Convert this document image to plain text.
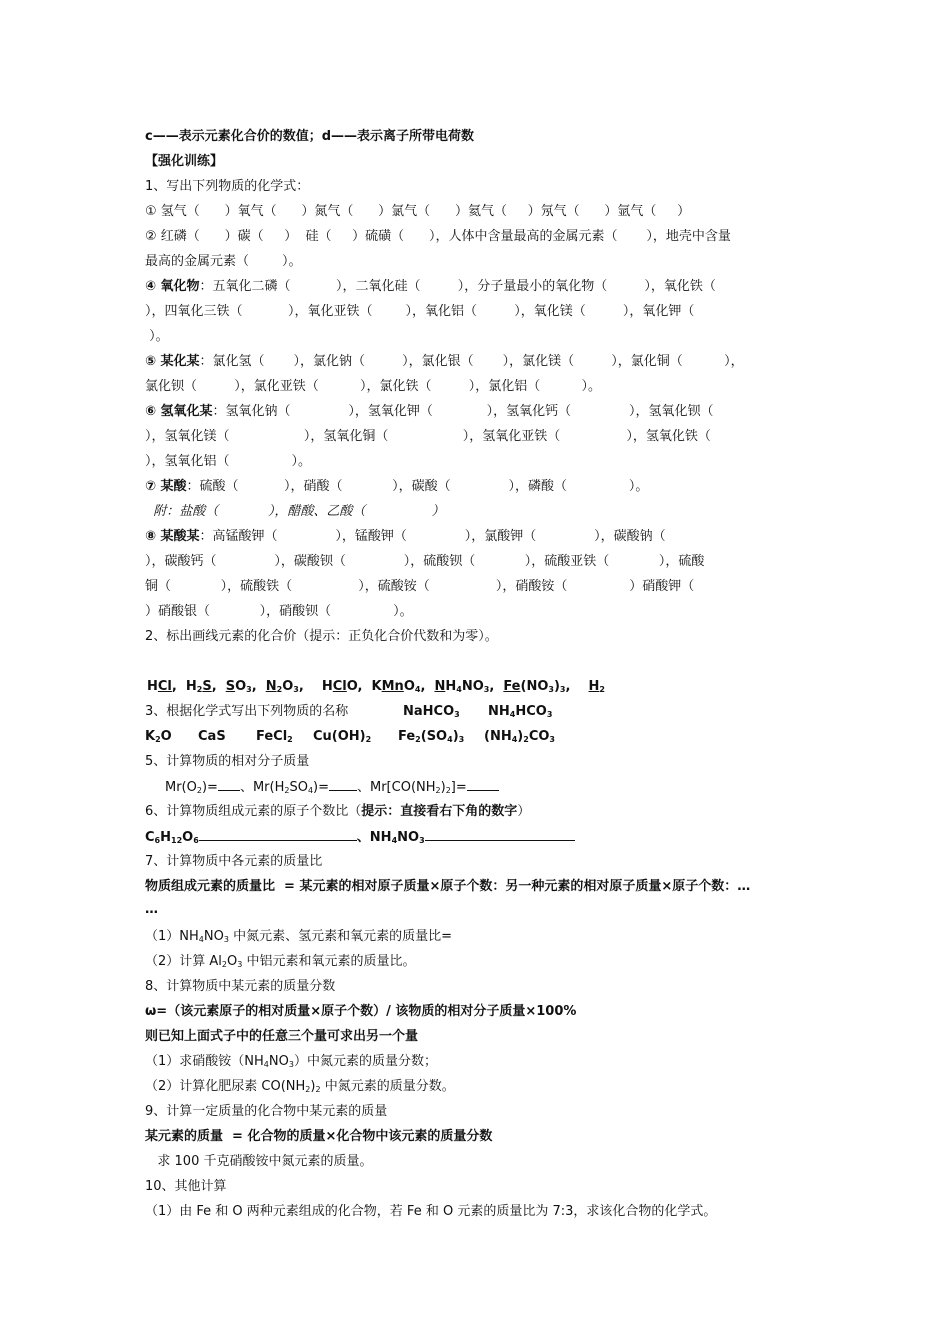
c——表示元素化合价的数值；d——表示离子所带电荷数
【强化训练】
1、写出下列物质的化学式：
① 氢气（      ）氧气（      ）氮气（      ）氯气（      ）氦气（     ）氖气（      ）氩气（     ）
② 红磷（      ）碳（     ）  硅（     ）硫磺（      ），人体中含量最高的金属元素（       ），地壳中含量
最高的金属元素（        ）。
④ 氧化物：五氧化二磷（           ），二氧化硅（         ），分子量最小的氧化物（         ），氧化铁（
），四氧化三铁（           ），氧化亚铁（        ），氧化铝（         ），氧化镁（         ），氧化钾（
）。
⑤ 某化某：氯化氢（       ），氯化钠（         ），氯化银（       ），氯化镁（         ），氯化铜（          ），
氯化钡（         ），氯化亚铁（          ），氯化铁（         ），氯化铝（          ）。
⑥ 氢氧化某：氢氧化钠（              ），氢氧化钾（             ），氢氧化钙（              ），氢氧化钡（
），氢氧化镁（                  ），氢氧化铜（                  ），氢氧化亚铁（                ），氢氧化铁（
），氢氧化铝（               ）。
⑦ 某酸：硫酸（           ），硝酸（            ），碳酸（              ），磷酸（               ）。
附：盐酸（            ），醋酸、乙酸（                ）
⑧ 某酸某：高锰酸钾（              ），锰酸钾（              ），氯酸钾（              ），碳酸钠（
），碳酸钙（              ），碳酸钡（              ），硫酸钡（            ），硫酸亚铁（            ），硫酸
铜（            ），硫酸铁（                ），硫酸铵（                ），硝酸铵（               ）硝酸钾（
）硝酸银（            ），硝酸钡（               ）。
2、标出画线元素的化合价（提示：正负化合价代数和为零）。
HCl,  $H_2S$,  $SO_3$,  $N_2O_3$,    HClO,  KMnO$_4$,  $NH_4NO_3$,  $Fe(NO_3)_3$,    $H_2$
3、根据化学式写出下列物质的名称	NaHCO$_3$ $NH_4HCO_3$
$K_2O$ CaS FeCl$_2$ $Cu(OH)_2$ $Fe_2(SO_4)_3$ $(NH_4)_2CO_3$
5、计算物质的相对分子质量
$Mr(O_2)=$ 、$Mr(H_2SO_4)=$ 、$Mr[CO(NH_2)_2]=$
6、计算物质组成元素的原子个数比（提示：直接看右下角的数字）
$C_6H_{12}O_6$	、$NH_4NO_3$
7、计算物质中各元素的质量比
物质组成元素的质量比  = 某元素的相对原子质量×原子个数：另一种元素的相对原子质量×原子个数：…
…
$(1)NH_4NO_3$ 中氮元素、氢元素和氧元素的质量比=
（2）计算 $Al_2O_3$ 中铝元素和氧元素的质量比。
8、计算物质中某元素的质量分数
ω=（该元素原子的相对质量×原子个数）/ 该物质的相对分子质量×100%
则已知上面式子中的任意三个量可求出另一个量
（1）求硝酸铵$(NH_4NO_3)$中氮元素的质量分数；
（2）计算化肥尿素 $CO(NH_2)_2$ 中氮元素的质量分数。
9、计算一定质量的化合物中某元素的质量
某元素的质量  = 化合物的质量×化合物中该元素的质量分数
求 100 千克硝酸铵中氮元素的质量。
10、其他计算
（1）由 Fe 和 O 两种元素组成的化合物，若 Fe 和 O 元素的质量比为 7:3，求该化合物的化学式。
